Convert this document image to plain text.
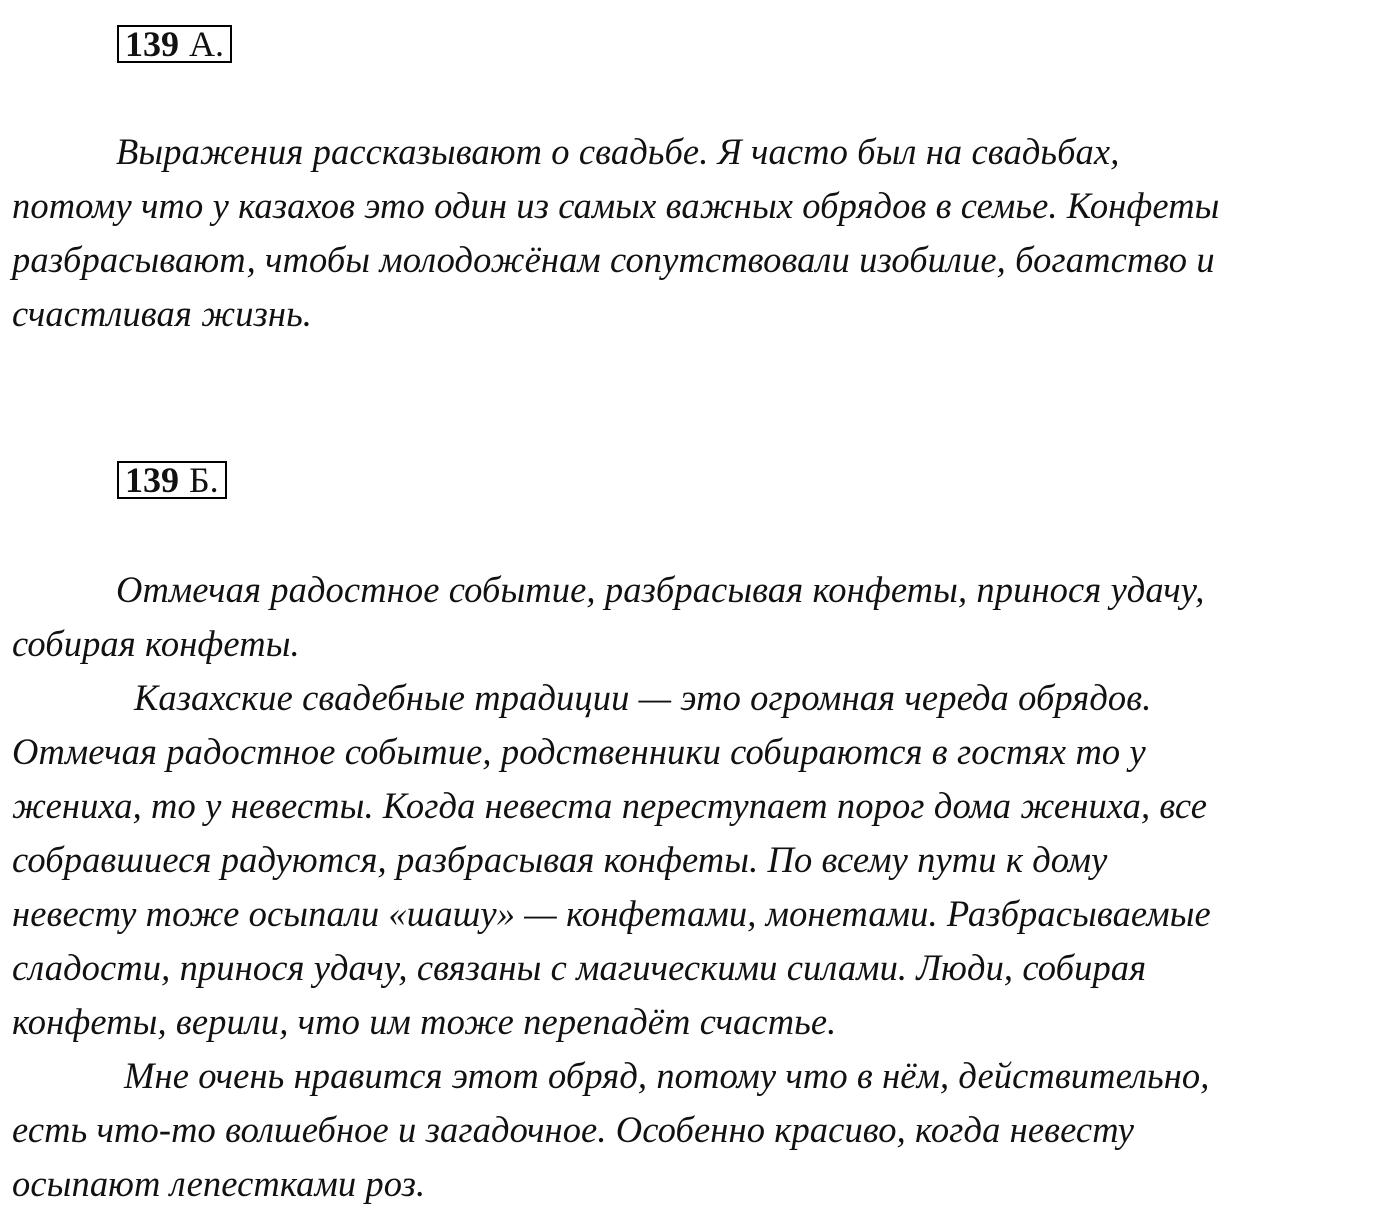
139 А.
Выражения рассказывают о свадьбе. Я часто был на свадьбах,
потому что у казахов это один из самых важных обрядов в семье. Конфеты
разбрасывают, чтобы молодожёнам сопутствовали изобилие, богатство и
счастливая жизнь.
139 Б.
Отмечая радостное событие, разбрасывая конфеты, принося удачу,
собирая конфеты.
Казахские свадебные традиции — это огромная череда обрядов.
Отмечая радостное событие, родственники собираются в гостях то у
жениха, то у невесты. Когда невеста переступает порог дома жениха, все
собравшиеся радуются, разбрасывая конфеты. По всему пути к дому
невесту тоже осыпали «шашу» — конфетами, монетами. Разбрасываемые
сладости, принося удачу, связаны с магическими силами. Люди, собирая
конфеты, верили, что им тоже перепадёт счастье.
Мне очень нравится этот обряд, потому что в нём, действительно,
есть что-то волшебное и загадочное. Особенно красиво, когда невесту
осыпают лепестками роз.
